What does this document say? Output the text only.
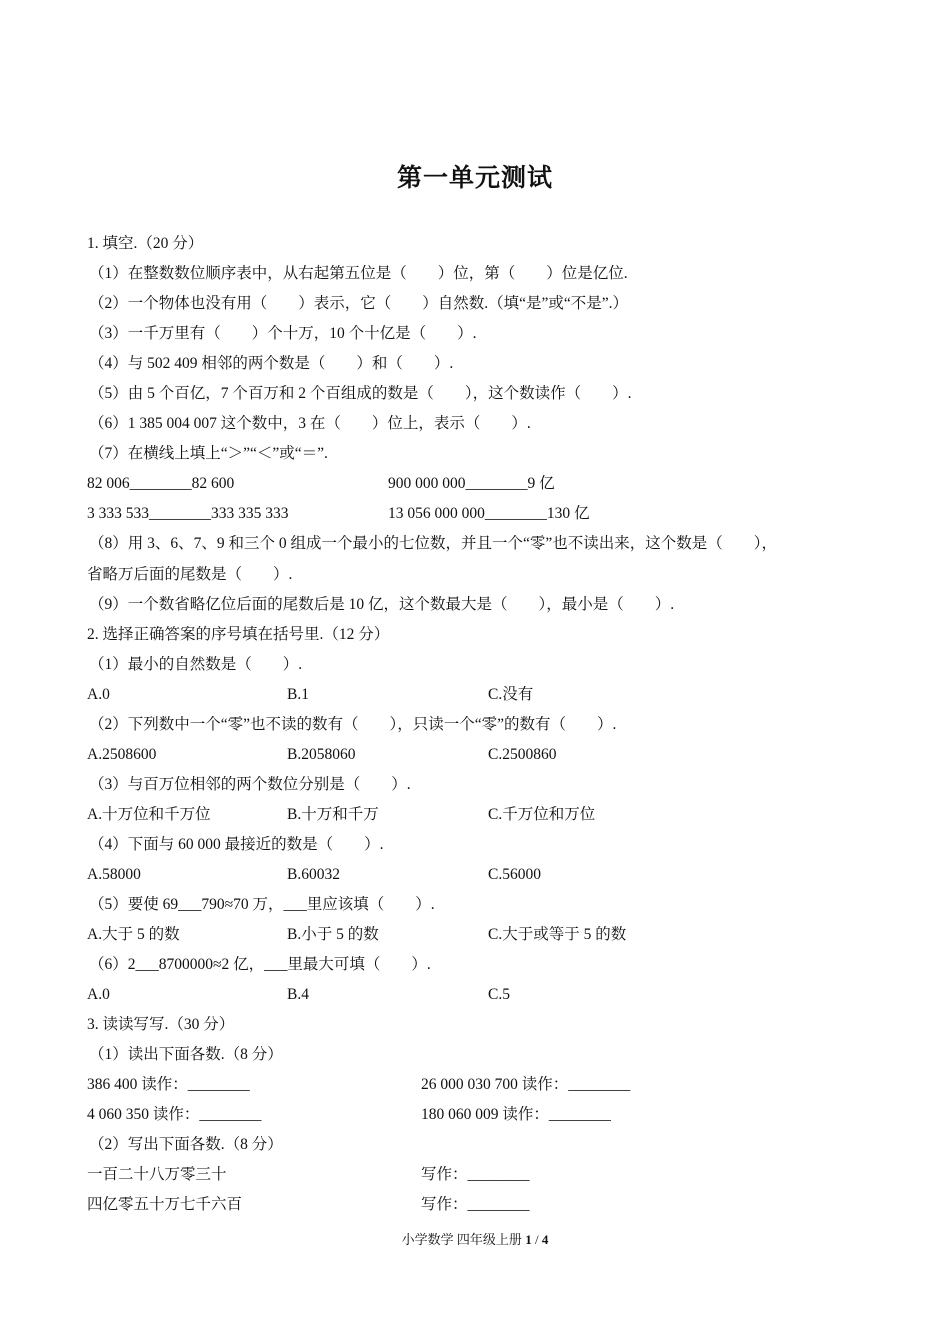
第一单元测试
1. 填空.（20 分）
（1）在整数数位顺序表中，从右起第五位是（　　）位，第（　　）位是亿位.
（2）一个物体也没有用（　　）表示，它（　　）自然数.（填“是”或“不是”.）
（3）一千万里有（　　）个十万，10 个十亿是（　　）.
（4）与 502 409 相邻的两个数是（　　）和（　　）.
（5）由 5 个百亿，7 个百万和 2 个百组成的数是（　　），这个数读作（　　）.
（6）1 385 004 007 这个数中，3 在（　　）位上，表示（　　）.
（7）在横线上填上“＞”“＜”或“＝”.
82 006________82 600	900 000 000________9 亿
3 333 533________333 335 333	13 056 000 000________130 亿
（8）用 3、6、7、9 和三个 0 组成一个最小的七位数，并且一个“零”也不读出来，这个数是（　　），
省略万后面的尾数是（　　）.
（9）一个数省略亿位后面的尾数后是 10 亿，这个数最大是（　　），最小是（　　）.
2. 选择正确答案的序号填在括号里.（12 分）
（1）最小的自然数是（　　）.
A.0	B.1	C.没有
（2）下列数中一个“零”也不读的数有（　　），只读一个“零”的数有（　　）.
A.2508600	B.2058060	C.2500860
（3）与百万位相邻的两个数位分别是（　　）.
A.十万位和千万位	B.十万和千万	C.千万位和万位
（4）下面与 60 000 最接近的数是（　　）.
A.58000	B.60032	C.56000
（5）要使 69___790≈70 万，___里应该填（　　）.
A.大于 5 的数	B.小于 5 的数	C.大于或等于 5 的数
（6）2___8700000≈2 亿，___里最大可填（　　）.
A.0	B.4	C.5
3. 读读写写.（30 分）
（1）读出下面各数.（8 分）
386 400 读作：________	26 000 030 700 读作：________
4 060 350 读作：________	180 060 009 读作：________
（2）写出下面各数.（8 分）
一百二十八万零三十	写作：________
四亿零五十万七千六百	写作：________
小学数学 四年级上册 1 / 4
